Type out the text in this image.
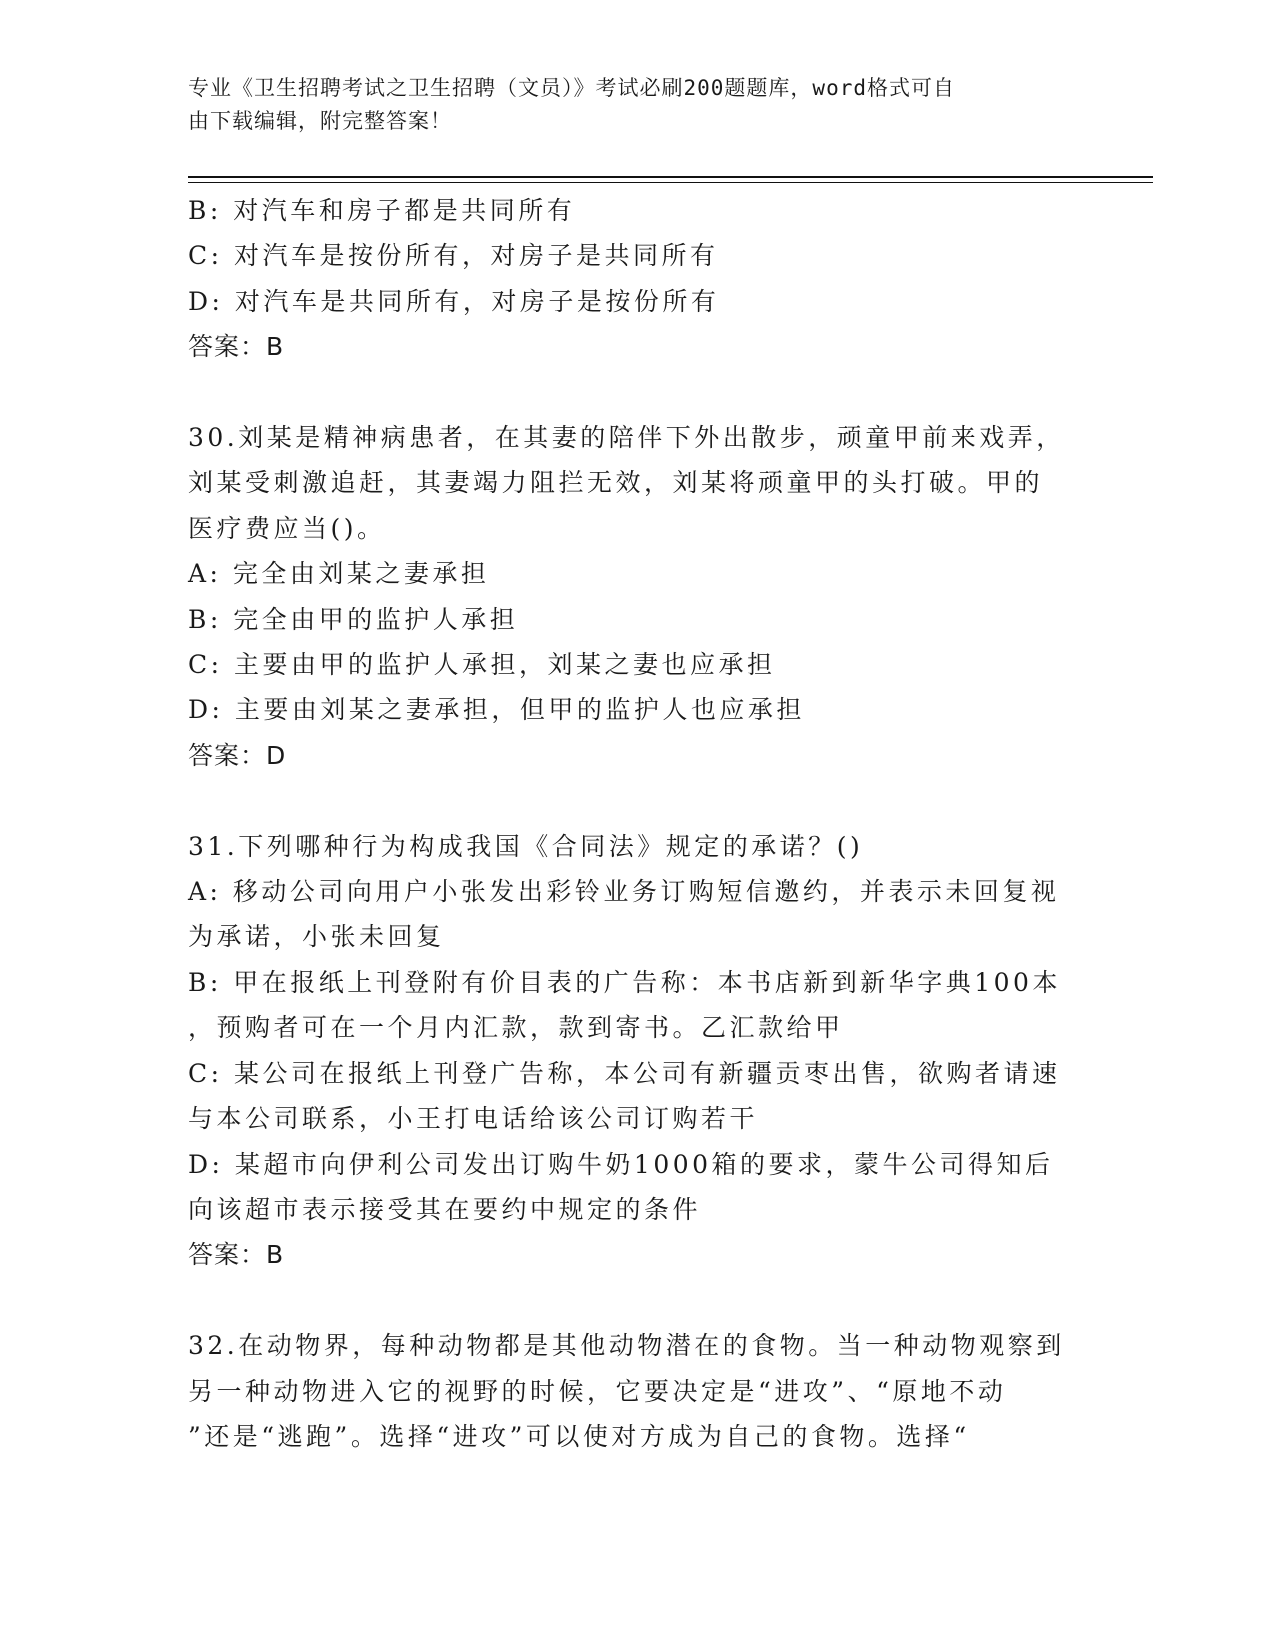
专业《卫生招聘考试之卫生招聘（文员）》考试必刷200题题库，word格式可自
由下载编辑，附完整答案！
B: 对汽车和房子都是共同所有
C: 对汽车是按份所有，对房子是共同所有
D: 对汽车是共同所有，对房子是按份所有
答案：B
30.刘某是精神病患者，在其妻的陪伴下外出散步，顽童甲前来戏弄，
刘某受刺激追赶，其妻竭力阻拦无效，刘某将顽童甲的头打破。甲的
医疗费应当()。
A: 完全由刘某之妻承担
B: 完全由甲的监护人承担
C: 主要由甲的监护人承担，刘某之妻也应承担
D: 主要由刘某之妻承担，但甲的监护人也应承担
答案：D
31.下列哪种行为构成我国《合同法》规定的承诺？()
A: 移动公司向用户小张发出彩铃业务订购短信邀约，并表示未回复视
为承诺，小张未回复
B: 甲在报纸上刊登附有价目表的广告称：本书店新到新华字典100本
，预购者可在一个月内汇款，款到寄书。乙汇款给甲
C: 某公司在报纸上刊登广告称，本公司有新疆贡枣出售，欲购者请速
与本公司联系，小王打电话给该公司订购若干
D: 某超市向伊利公司发出订购牛奶1000箱的要求，蒙牛公司得知后
向该超市表示接受其在要约中规定的条件
答案：B
32.在动物界，每种动物都是其他动物潜在的食物。当一种动物观察到
另一种动物进入它的视野的时候，它要决定是“进攻”、“原地不动
”还是“逃跑”。选择“进攻”可以使对方成为自己的食物。选择“
